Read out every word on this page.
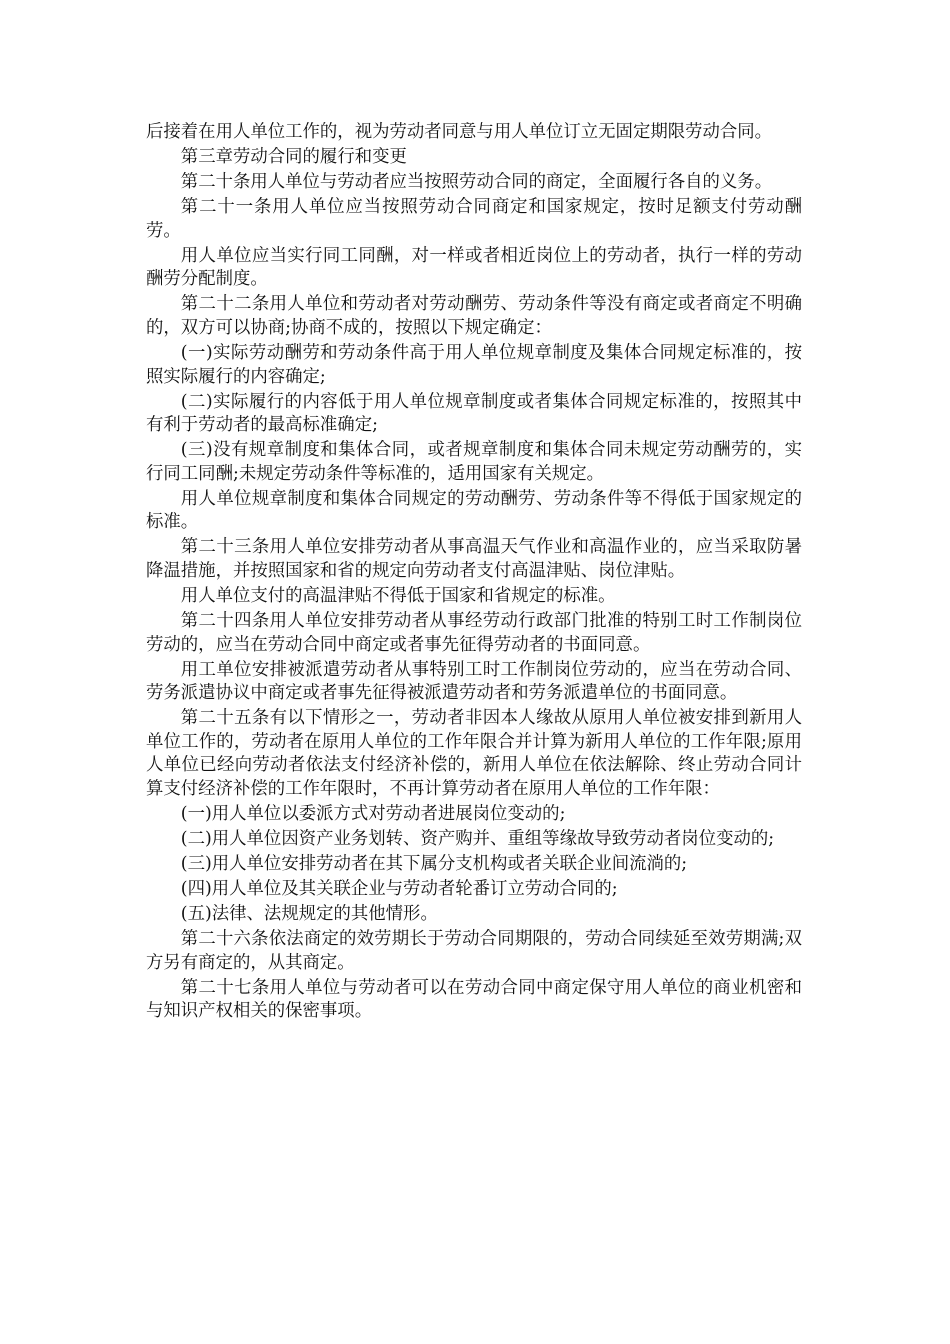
后接着在用人单位工作的，视为劳动者同意与用人单位订立无固定期限劳动合同。

第三章劳动合同的履行和变更

第二十条用人单位与劳动者应当按照劳动合同的商定，全面履行各自的义务。

第二十一条用人单位应当按照劳动合同商定和国家规定，按时足额支付劳动酬劳。

用人单位应当实行同工同酬，对一样或者相近岗位上的劳动者，执行一样的劳动酬劳分配制度。

第二十二条用人单位和劳动者对劳动酬劳、劳动条件等没有商定或者商定不明确的，双方可以协商;协商不成的，按照以下规定确定：

(一)实际劳动酬劳和劳动条件高于用人单位规章制度及集体合同规定标准的，按照实际履行的内容确定;

(二)实际履行的内容低于用人单位规章制度或者集体合同规定标准的，按照其中有利于劳动者的最高标准确定;

(三)没有规章制度和集体合同，或者规章制度和集体合同未规定劳动酬劳的，实行同工同酬;未规定劳动条件等标准的，适用国家有关规定。

用人单位规章制度和集体合同规定的劳动酬劳、劳动条件等不得低于国家规定的标准。

第二十三条用人单位安排劳动者从事高温天气作业和高温作业的，应当采取防暑降温措施，并按照国家和省的规定向劳动者支付高温津贴、岗位津贴。

用人单位支付的高温津贴不得低于国家和省规定的标准。

第二十四条用人单位安排劳动者从事经劳动行政部门批准的特别工时工作制岗位劳动的，应当在劳动合同中商定或者事先征得劳动者的书面同意。

用工单位安排被派遣劳动者从事特别工时工作制岗位劳动的，应当在劳动合同、劳务派遣协议中商定或者事先征得被派遣劳动者和劳务派遣单位的书面同意。

第二十五条有以下情形之一，劳动者非因本人缘故从原用人单位被安排到新用人单位工作的，劳动者在原用人单位的工作年限合并计算为新用人单位的工作年限;原用人单位已经向劳动者依法支付经济补偿的，新用人单位在依法解除、终止劳动合同计算支付经济补偿的工作年限时，不再计算劳动者在原用人单位的工作年限：

(一)用人单位以委派方式对劳动者进展岗位变动的;

(二)用人单位因资产业务划转、资产购并、重组等缘故导致劳动者岗位变动的;

(三)用人单位安排劳动者在其下属分支机构或者关联企业间流淌的;

(四)用人单位及其关联企业与劳动者轮番订立劳动合同的;

(五)法律、法规规定的其他情形。

第二十六条依法商定的效劳期长于劳动合同期限的，劳动合同续延至效劳期满;双方另有商定的，从其商定。

第二十七条用人单位与劳动者可以在劳动合同中商定保守用人单位的商业机密和与知识产权相关的保密事项。
